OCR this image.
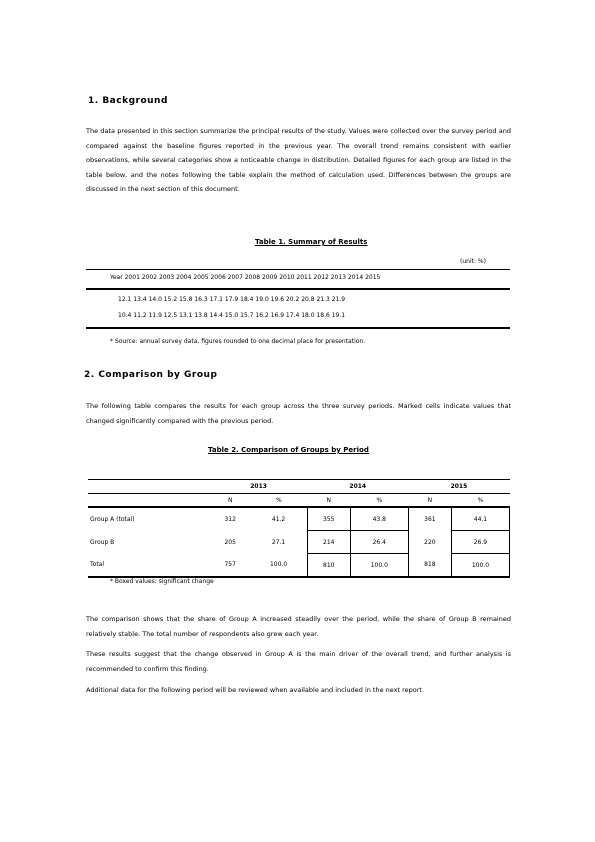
1. Background
The data presented in this section summarize the principal results of the study. Values were collected over the survey period and compared against the baseline figures reported in the previous year. The overall trend remains consistent with earlier observations, while several categories show a noticeable change in distribution. Detailed figures for each group are listed in the table below, and the notes following the table explain the method of calculation used. Differences between the groups are discussed in the next section of this document.
Table 1. Summary of Results
(unit: %)
Year 2001 2002 2003 2004 2005 2006 2007 2008 2009 2010 2011 2012 2013 2014 2015
12.1 13.4 14.0 15.2 15.8 16.3 17.1 17.9 18.4 19.0 19.6 20.2 20.8 21.3 21.9
10.4 11.2 11.9 12.5 13.1 13.8 14.4 15.0 15.7 16.2 16.9 17.4 18.0 18.6 19.1
* Source: annual survey data, figures rounded to one decimal place for presentation.
2. Comparison by Group
The following table compares the results for each group across the three survey periods. Marked cells indicate values that changed significantly compared with the previous period.
Table 2. Comparison of Groups by Period
	2013		2014		2015	
	N	%	N	%	N	%
Group A (total)	312	41.2	355	43.8	361	44.1
Group B	205	27.1	214	26.4	220	26.9
Total	757	100.0	810	100.0	818	100.0
* Boxed values: significant change
The comparison shows that the share of Group A increased steadily over the period, while the share of Group B remained relatively stable. The total number of respondents also grew each year.
These results suggest that the change observed in Group A is the main driver of the overall trend, and further analysis is recommended to confirm this finding.
Additional data for the following period will be reviewed when available and included in the next report.
